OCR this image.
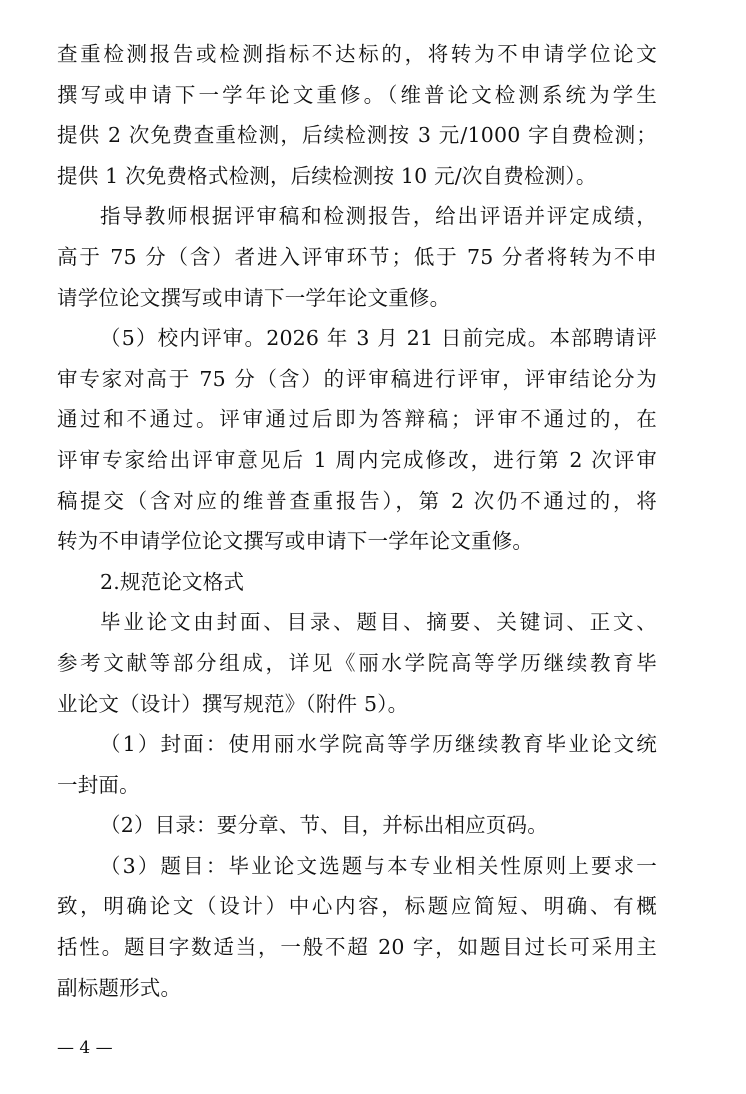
查重检测报告或检测指标不达标的，将转为不申请学位论文
撰写或申请下一学年论文重修。（维普论文检测系统为学生
提供 2 次免费查重检测，后续检测按 3 元/1000 字自费检测；
提供 1 次免费格式检测，后续检测按 10 元/次自费检测）。
指导教师根据评审稿和检测报告，给出评语并评定成绩，
高于 75 分（含）者进入评审环节；低于 75 分者将转为不申
请学位论文撰写或申请下一学年论文重修。
（5）校内评审。2026 年 3 月 21 日前完成。本部聘请评
审专家对高于 75 分（含）的评审稿进行评审，评审结论分为
通过和不通过。评审通过后即为答辩稿；评审不通过的，在
评审专家给出评审意见后 1 周内完成修改，进行第 2 次评审
稿提交（含对应的维普查重报告），第 2 次仍不通过的，将
转为不申请学位论文撰写或申请下一学年论文重修。
2.规范论文格式
毕业论文由封面、目录、题目、摘要、关键词、正文、
参考文献等部分组成，详见《丽水学院高等学历继续教育毕
业论文（设计）撰写规范》（附件 5）。
（1）封面：使用丽水学院高等学历继续教育毕业论文统
一封面。
（2）目录：要分章、节、目，并标出相应页码。
（3）题目：毕业论文选题与本专业相关性原则上要求一
致，明确论文（设计）中心内容，标题应简短、明确、有概
括性。题目字数适当，一般不超 20 字，如题目过长可采用主
副标题形式。
— 4 —
